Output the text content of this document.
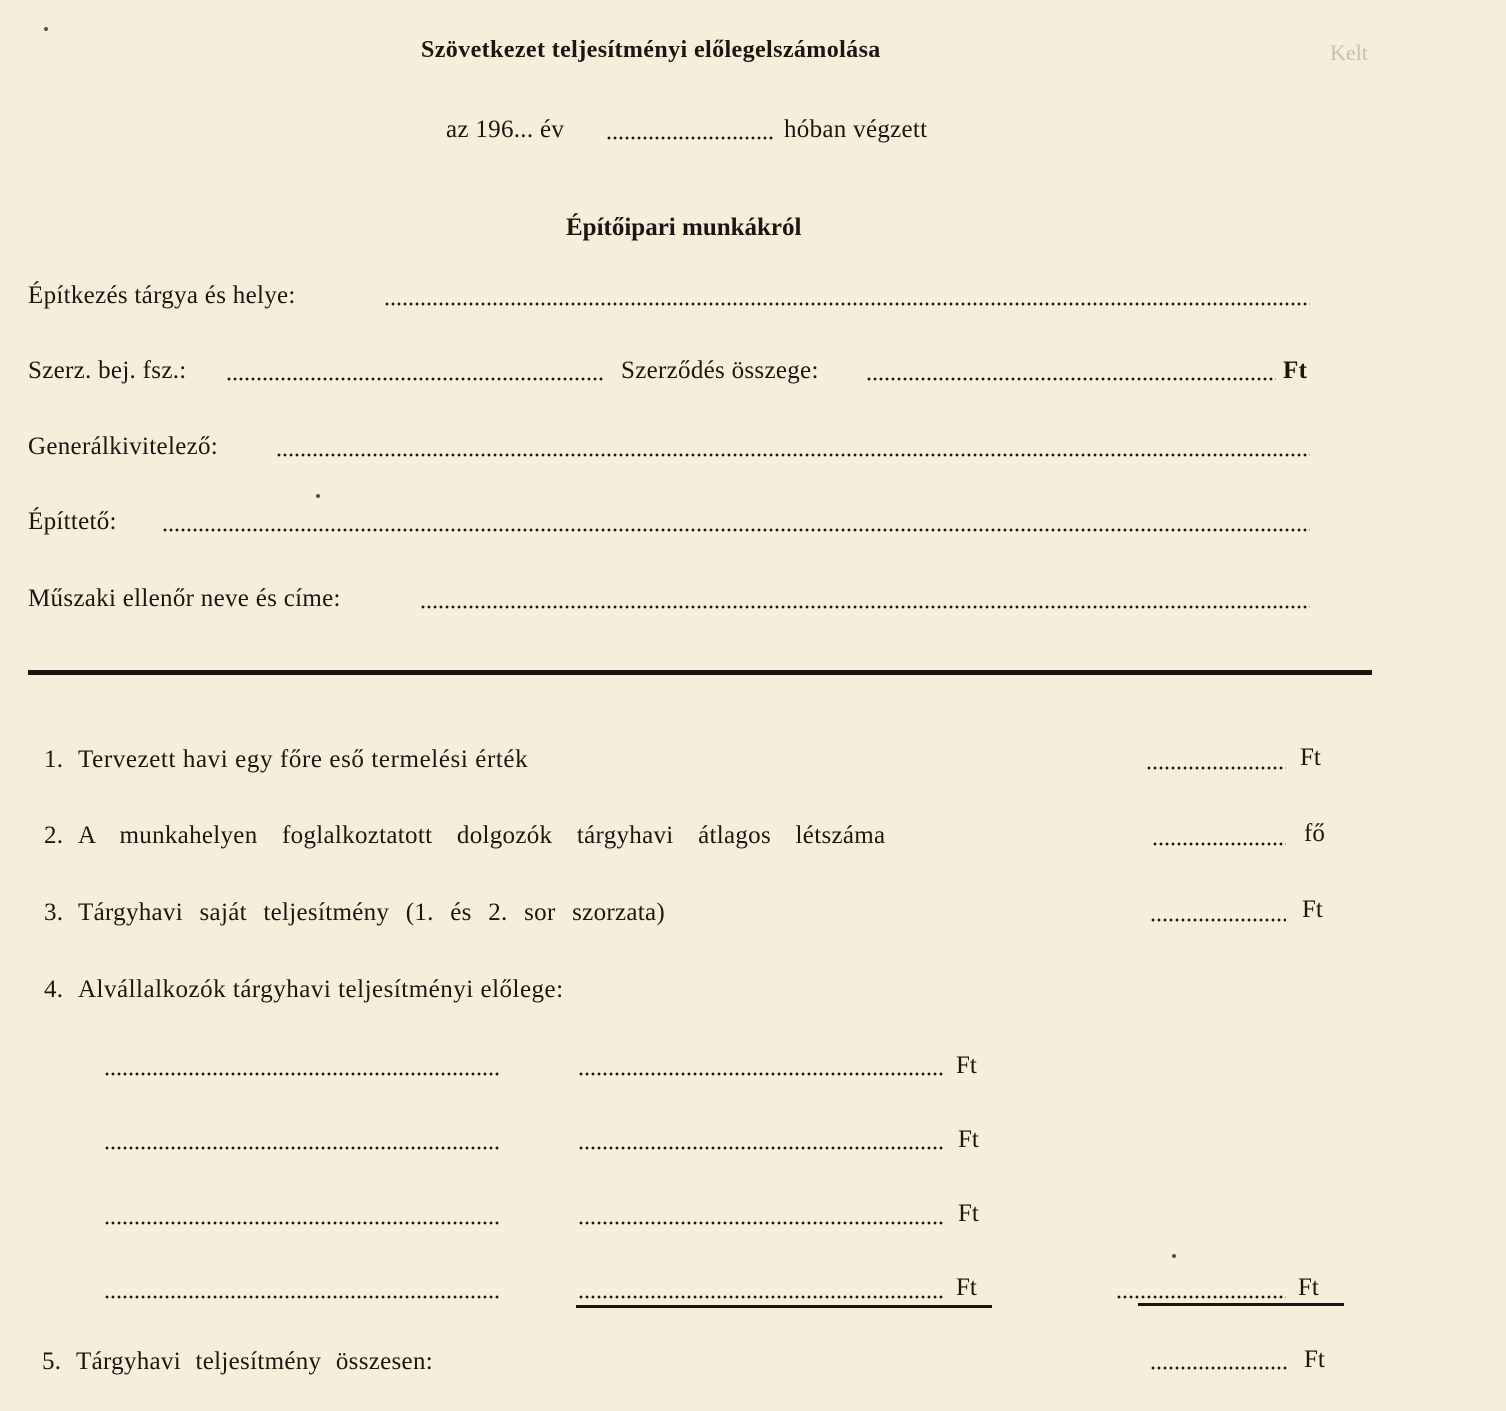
Szövetkezet teljesítményi előlegelszámolása	Kelt
az 196... év	hóban végzett
Építőipari munkákról
Építkezés tárgya és helye:
Szerz. bej. fsz.:	Szerződés összege:	Ft
Generálkivitelező:
Építtető:
Műszaki ellenőr neve és címe:
1. Tervezett havi egy főre eső termelési érték	Ft
2. A munkahelyen foglalkoztatott dolgozók tárgyhavi átlagos létszáma	fő
3. Tárgyhavi saját teljesítmény (1. és 2. sor szorzata)	Ft
4. Alvállalkozók tárgyhavi teljesítményi előlege:
Ft
Ft
Ft
Ft	Ft
5. Tárgyhavi teljesítmény összesen:	Ft
